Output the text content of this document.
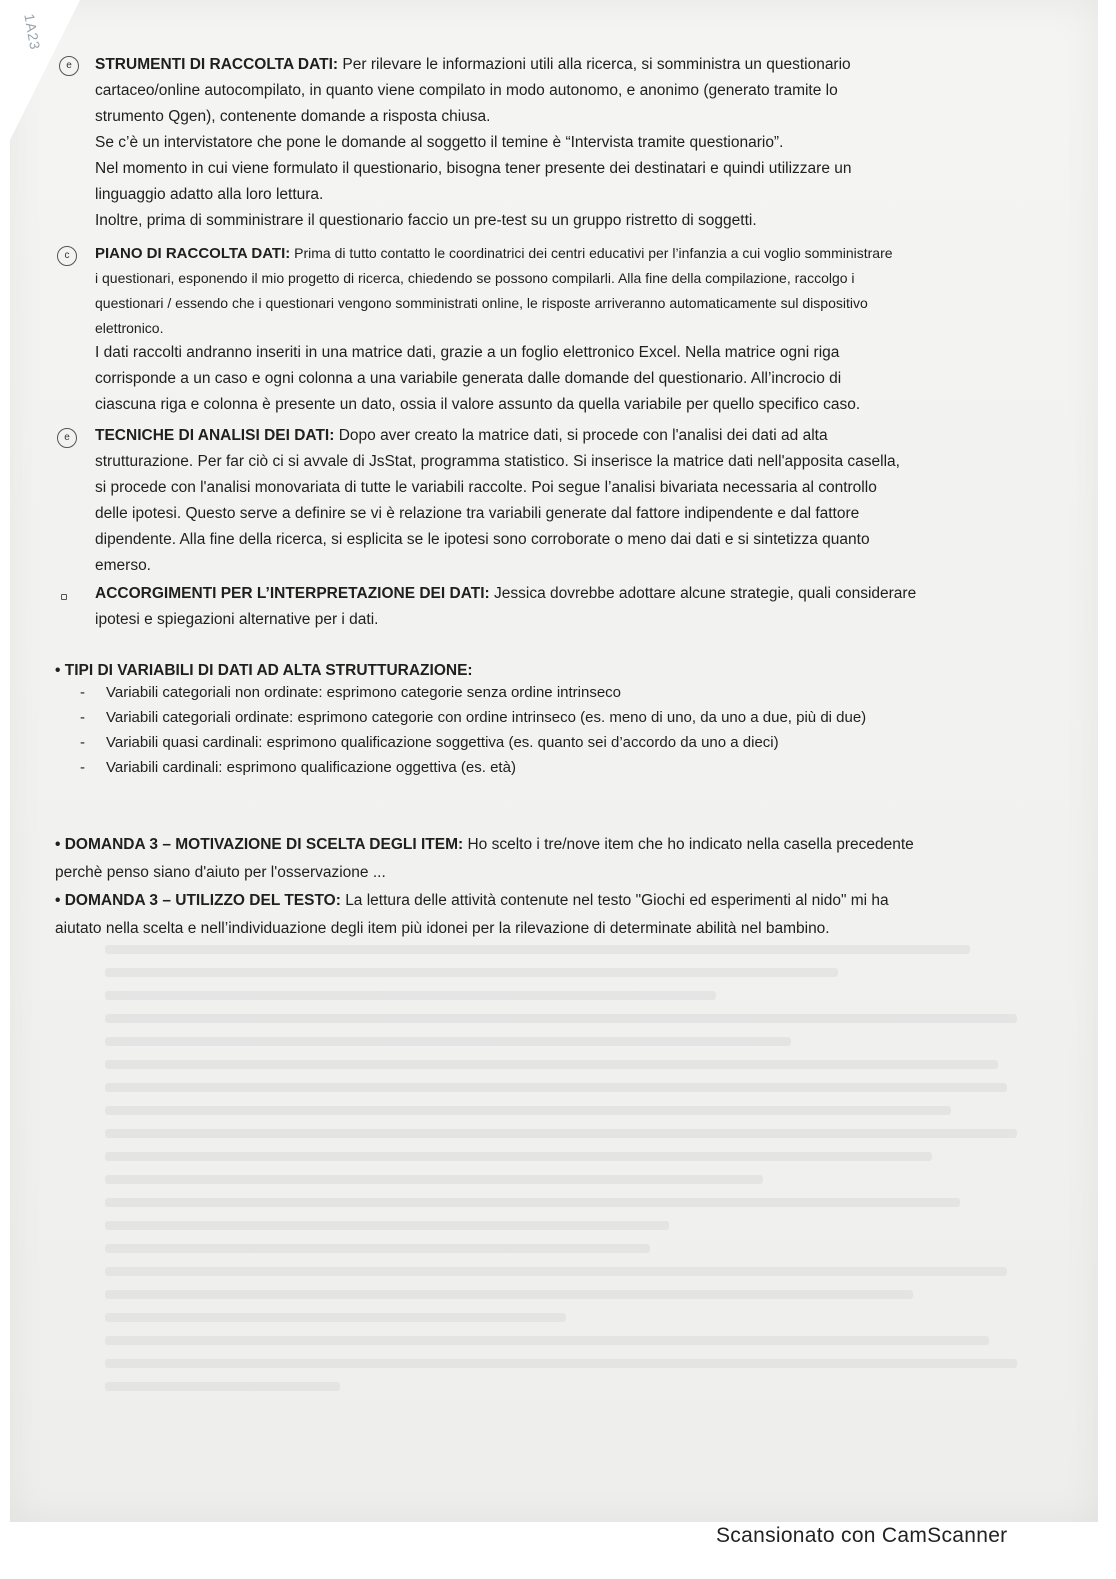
1A23
e	STRUMENTI DI RACCOLTA DATI: Per rilevare le informazioni utili alla ricerca, si somministra un questionario
cartaceo/online autocompilato, in quanto viene compilato in modo autonomo, e anonimo (generato tramite lo
strumento Qgen), contenente domande a risposta chiusa.
Se c’è un intervistatore che pone le domande al soggetto il temine è “Intervista tramite questionario”.
Nel momento in cui viene formulato il questionario, bisogna tener presente dei destinatari e quindi utilizzare un
linguaggio adatto alla loro lettura.
Inoltre, prima di somministrare il questionario faccio un pre-test su un gruppo ristretto di soggetti.
c	PIANO DI RACCOLTA DATI: Prima di tutto contatto le coordinatrici dei centri educativi per l’infanzia a cui voglio somministrare
i questionari, esponendo il mio progetto di ricerca, chiedendo se possono compilarli. Alla fine della compilazione, raccolgo i
questionari / essendo che i questionari vengono somministrati online, le risposte arriveranno automaticamente sul dispositivo
elettronico.
I dati raccolti andranno inseriti in una matrice dati, grazie a un foglio elettronico Excel. Nella matrice ogni riga
corrisponde a un caso e ogni colonna a una variabile generata dalle domande del questionario. All’incrocio di
ciascuna riga e colonna è presente un dato, ossia il valore assunto da quella variabile per quello specifico caso.
e	TECNICHE DI ANALISI DEI DATI: Dopo aver creato la matrice dati, si procede con l'analisi dei dati ad alta
strutturazione. Per far ciò ci si avvale di JsStat, programma statistico. Si inserisce la matrice dati nell'apposita casella,
si procede con l'analisi monovariata di tutte le variabili raccolte. Poi segue l’analisi bivariata necessaria al controllo
delle ipotesi. Questo serve a definire se vi è relazione tra variabili generate dal fattore indipendente e dal fattore
dipendente. Alla fine della ricerca, si esplicita se le ipotesi sono corroborate o meno dai dati e si sintetizza quanto
emerso.
ACCORGIMENTI PER L’INTERPRETAZIONE DEI DATI: Jessica dovrebbe adottare alcune strategie, quali considerare
ipotesi e spiegazioni alternative per i dati.
• TIPI DI VARIABILI DI DATI AD ALTA STRUTTURAZIONE:
- Variabili categoriali non ordinate: esprimono categorie senza ordine intrinseco
- Variabili categoriali ordinate: esprimono categorie con ordine intrinseco (es. meno di uno, da uno a due, più di due)
- Variabili quasi cardinali: esprimono qualificazione soggettiva (es. quanto sei d’accordo da uno a dieci)
- Variabili cardinali: esprimono qualificazione oggettiva (es. età)
• DOMANDA 3 – MOTIVAZIONE DI SCELTA DEGLI ITEM: Ho scelto i tre/nove item che ho indicato nella casella precedente
perchè penso siano d'aiuto per l'osservazione ...
• DOMANDA 3 – UTILIZZO DEL TESTO: La lettura delle attività contenute nel testo "Giochi ed esperimenti al nido" mi ha
aiutato nella scelta e nell’individuazione degli item più idonei per la rilevazione di determinate abilità nel bambino.
Scansionato con CamScanner
